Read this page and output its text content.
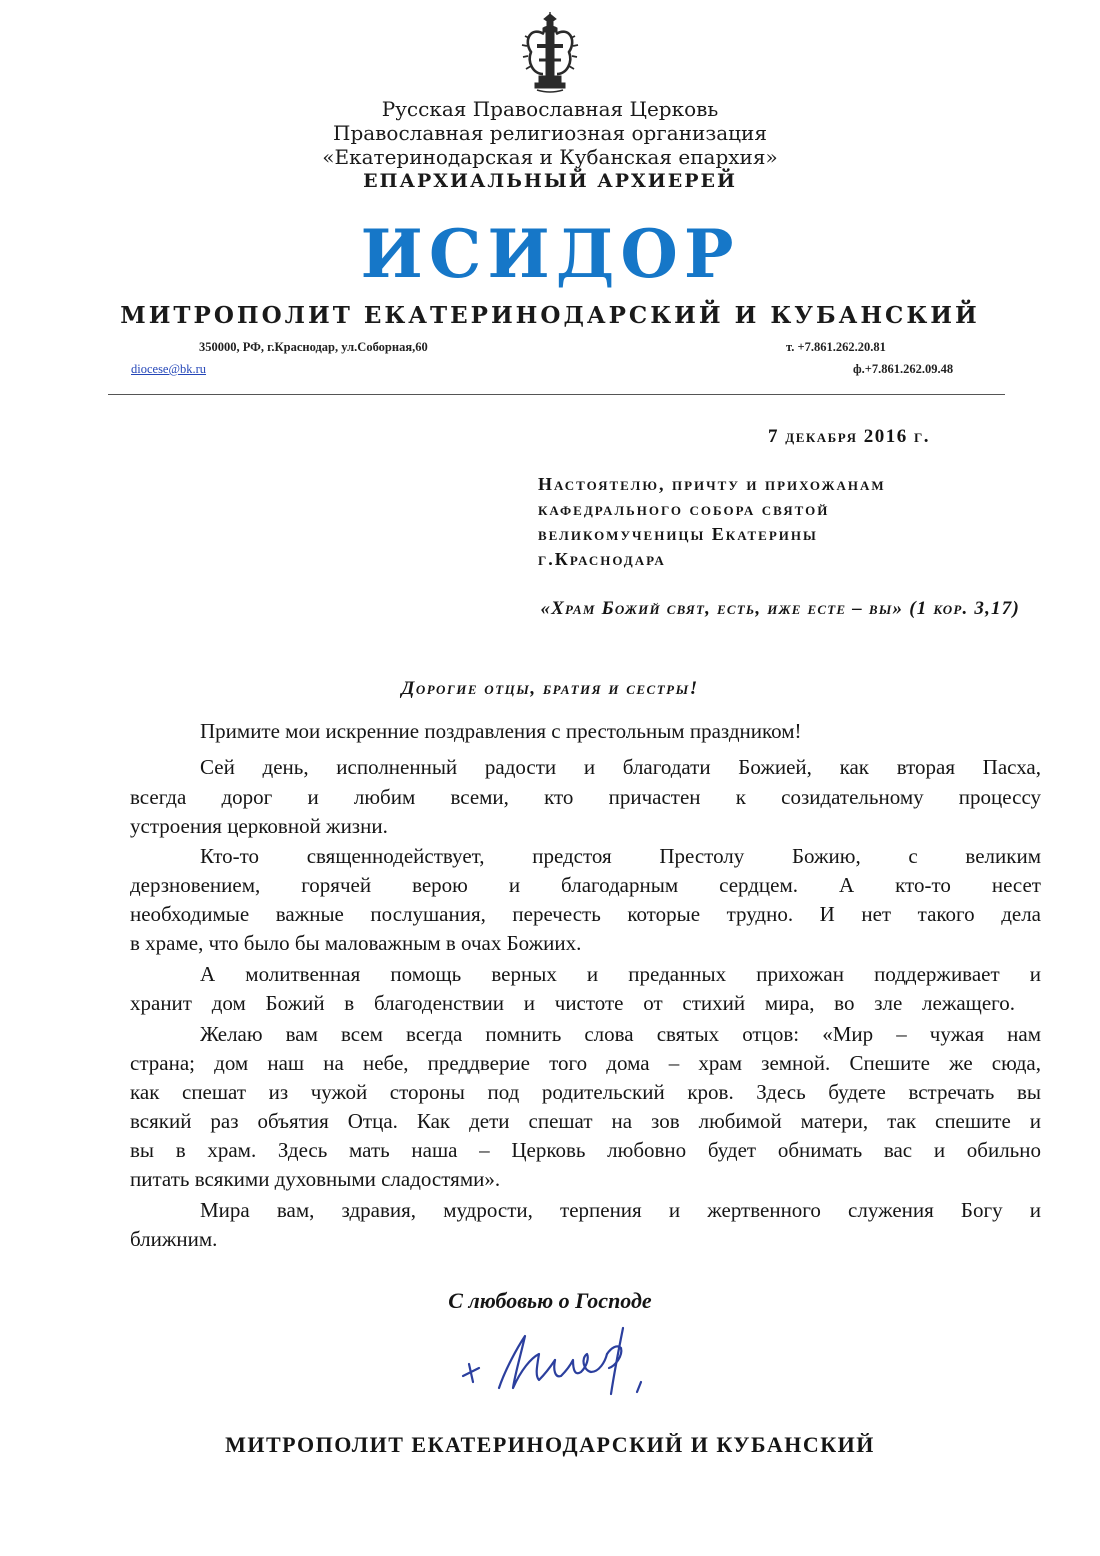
Русская Православная Церковь
Православная религиозная организация
«Екатеринодарская и Кубанская епархия»
ЕПАРХИАЛЬНЫЙ АРХИЕРЕЙ
ИСИДОР
МИТРОПОЛИТ ЕКАТЕРИНОДАРСКИЙ И КУБАНСКИЙ
350000, РФ, г.Краснодар, ул.Соборная,60	т. +7.861.262.20.81
diocese@bk.ru	ф.+7.861.262.09.48
7 декабря 2016 г.
Настоятелю, причту и прихожанам
кафедрального собора святой
великомученицы Екатерины
г.Краснодара
«Храм Божий свят, есть, иже есте – вы» (1 кор. 3,17)
Дорогие отцы, братия и сестры!
Примите мои искренние поздравления с престольным праздником!
Сей день, исполненный радости и благодати Божией, как вторая Пасха,
всегда дорог и любим всеми, кто причастен к созидательному процессу
устроения церковной жизни.
Кто-то священнодействует, предстоя Престолу Божию, с великим
дерзновением, горячей верою и благодарным сердцем. А кто-то несет
необходимые важные послушания, перечесть которые трудно. И нет такого дела
в храме, что было бы маловажным в очах Божиих.
А молитвенная помощь верных и преданных прихожан поддерживает и
хранит дом Божий в благоденствии и чистоте от стихий мира, во зле лежащего.
Желаю вам всем всегда помнить слова святых отцов: «Мир – чужая нам
страна; дом наш на небе, преддверие того дома – храм земной. Спешите же сюда,
как спешат из чужой стороны под родительский кров. Здесь будете встречать вы
всякий раз объятия Отца. Как дети спешат на зов любимой матери, так спешите и
вы в храм. Здесь мать наша – Церковь любовно будет обнимать вас и обильно
питать всякими духовными сладостями».
Мира вам, здравия, мудрости, терпения и жертвенного служения Богу и
ближним.
С любовью о Господе
МИТРОПОЛИТ ЕКАТЕРИНОДАРСКИЙ И КУБАНСКИЙ
